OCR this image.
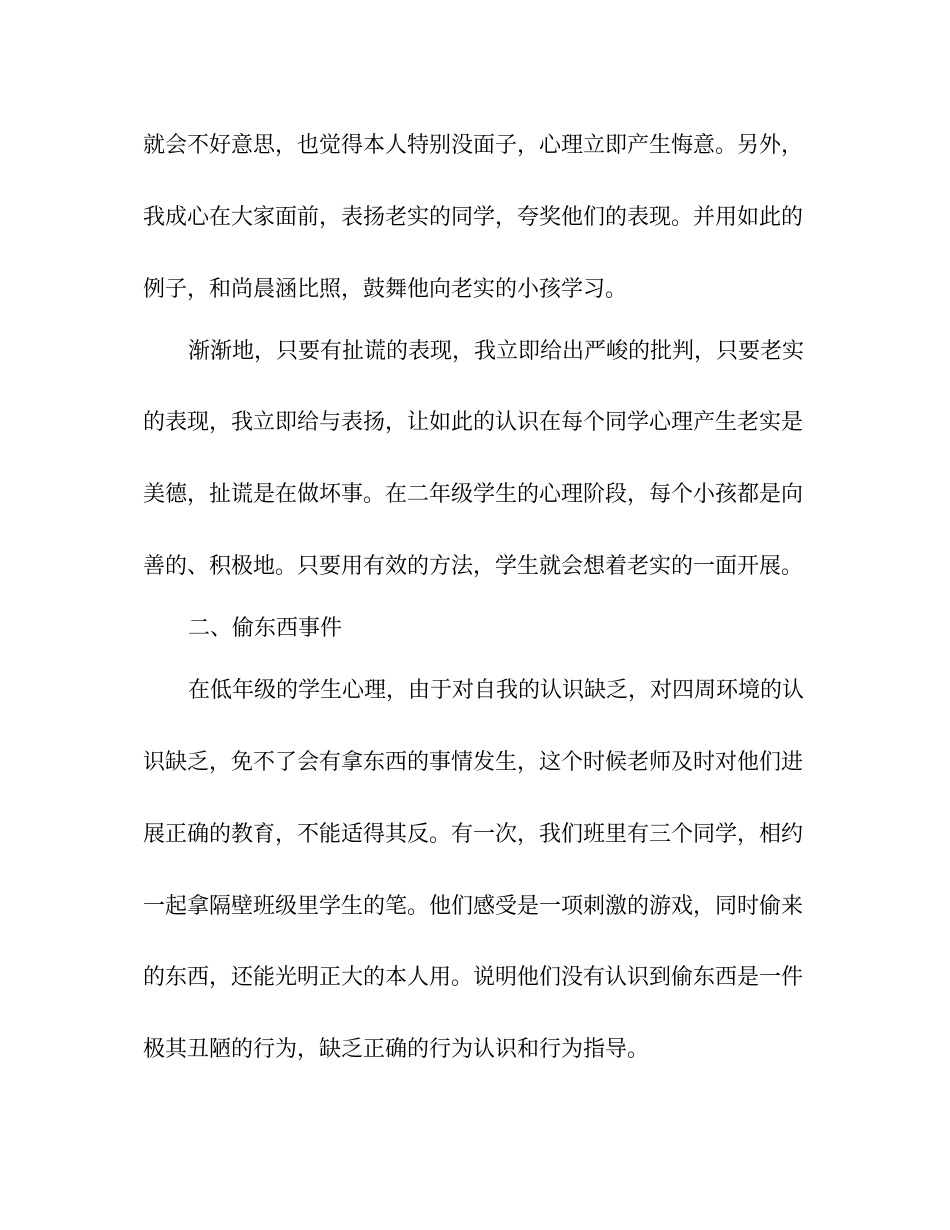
就会不好意思，也觉得本人特别没面子，心理立即产生悔意。另外，
我成心在大家面前，表扬老实的同学，夸奖他们的表现。并用如此的
例子，和尚晨涵比照，鼓舞他向老实的小孩学习。
渐渐地，只要有扯谎的表现，我立即给出严峻的批判，只要老实
的表现，我立即给与表扬，让如此的认识在每个同学心理产生老实是
美德，扯谎是在做坏事。在二年级学生的心理阶段，每个小孩都是向
善的、积极地。只要用有效的方法，学生就会想着老实的一面开展。
二、偷东西事件
在低年级的学生心理，由于对自我的认识缺乏，对四周环境的认
识缺乏，免不了会有拿东西的事情发生，这个时候老师及时对他们进
展正确的教育，不能适得其反。有一次，我们班里有三个同学，相约
一起拿隔壁班级里学生的笔。他们感受是一项刺激的游戏，同时偷来
的东西，还能光明正大的本人用。说明他们没有认识到偷东西是一件
极其丑陋的行为，缺乏正确的行为认识和行为指导。
